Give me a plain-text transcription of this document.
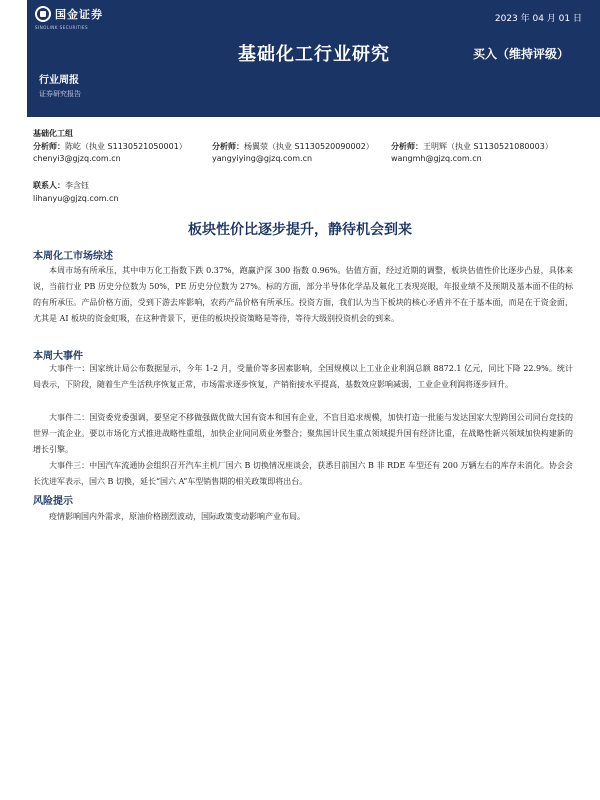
国金证券
SINOLINK SECURITIES
2023 年 04 月 01 日
基础化工行业研究	买入（维持评级）
行业周报
证券研究报告
基础化工组
分析师：陈屹（执业 S1130521050001）
chenyi3@gjzq.com.cn
分析师：杨翼荥（执业 S1130520090002）
yangyiying@gjzq.com.cn
分析师：王明辉（执业 S1130521080003）
wangmh@gjzq.com.cn
联系人：李含钰
lihanyu@gjzq.com.cn
板块性价比逐步提升，静待机会到来
本周化工市场综述
本周市场有所承压，其中申万化工指数下跌 0.37%，跑赢沪深 300 指数 0.96%。估值方面，经过近期的调整，板块估值性价比逐步凸显，具体来说，当前行业 PB 历史分位数为 50%，PE 历史分位数为 27%。标的方面，部分半导体化学品及氟化工表现亮眼，年报业绩不及预期及基本面不佳的标的有所承压。产品价格方面，受到下游去库影响，农药产品价格有所承压。投资方面，我们认为当下板块的核心矛盾并不在于基本面，而是在于资金面，尤其是 AI 板块的资金虹吸，在这种背景下，更佳的板块投资策略是等待，等待大级别投资机会的到来。
本周大事件
大事件一：国家统计局公布数据显示，今年 1-2 月，受量价等多因素影响，全国规模以上工业企业利润总额 8872.1 亿元，同比下降 22.9%。统计局表示，下阶段，随着生产生活秩序恢复正常，市场需求逐步恢复，产销衔接水平提高，基数效应影响减弱，工业企业利润将逐步回升。
大事件二：国资委党委强调，要坚定不移做强做优做大国有资本和国有企业，不盲目追求规模，加快打造一批能与发达国家大型跨国公司同台竞技的世界一流企业。要以市场化方式推进战略性重组，加快企业间同质业务整合；聚焦国计民生重点领域提升国有经济比重，在战略性新兴领域加快构建新的增长引擎。
大事件三：中国汽车流通协会组织召开汽车主机厂国六 B 切换情况座谈会，获悉目前国六 B 非 RDE 车型还有 200 万辆左右的库存未消化。协会会长沈进军表示，国六 B 切换，延长“国六 A”车型销售期的相关政策即将出台。
风险提示
疫情影响国内外需求，原油价格剧烈波动，国际政策变动影响产业布局。
